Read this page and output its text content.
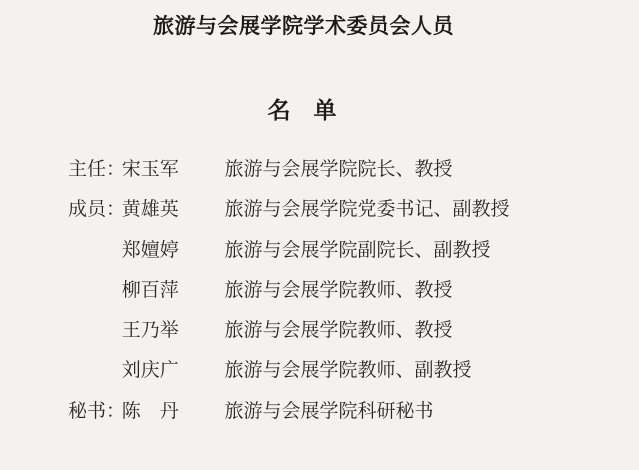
旅游与会展学院学术委员会人员
名　单
主任： 宋玉军 旅游与会展学院院长、教授
成员： 黄雄英 旅游与会展学院党委书记、副教授
郑嬗婷 旅游与会展学院副院长、副教授
柳百萍 旅游与会展学院教师、教授
王乃举 旅游与会展学院教师、教授
刘庆广 旅游与会展学院教师、副教授
秘书： 陈　丹 旅游与会展学院科研秘书
